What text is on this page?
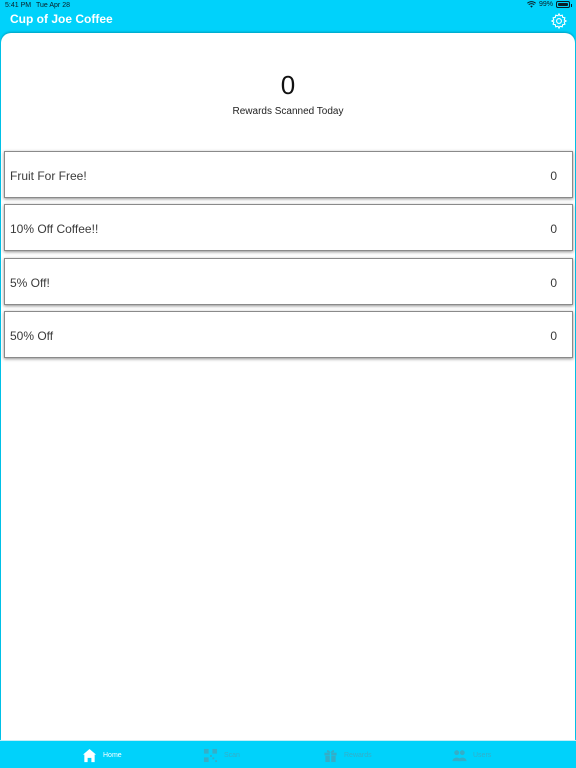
5:41 PM Tue Apr 28	99%
Cup of Joe Coffee
0
Rewards Scanned Today
Fruit For Free!	0
10% Off Coffee!!	0
5% Off!	0
50% Off	0
Home	Scan	Rewards	Users
